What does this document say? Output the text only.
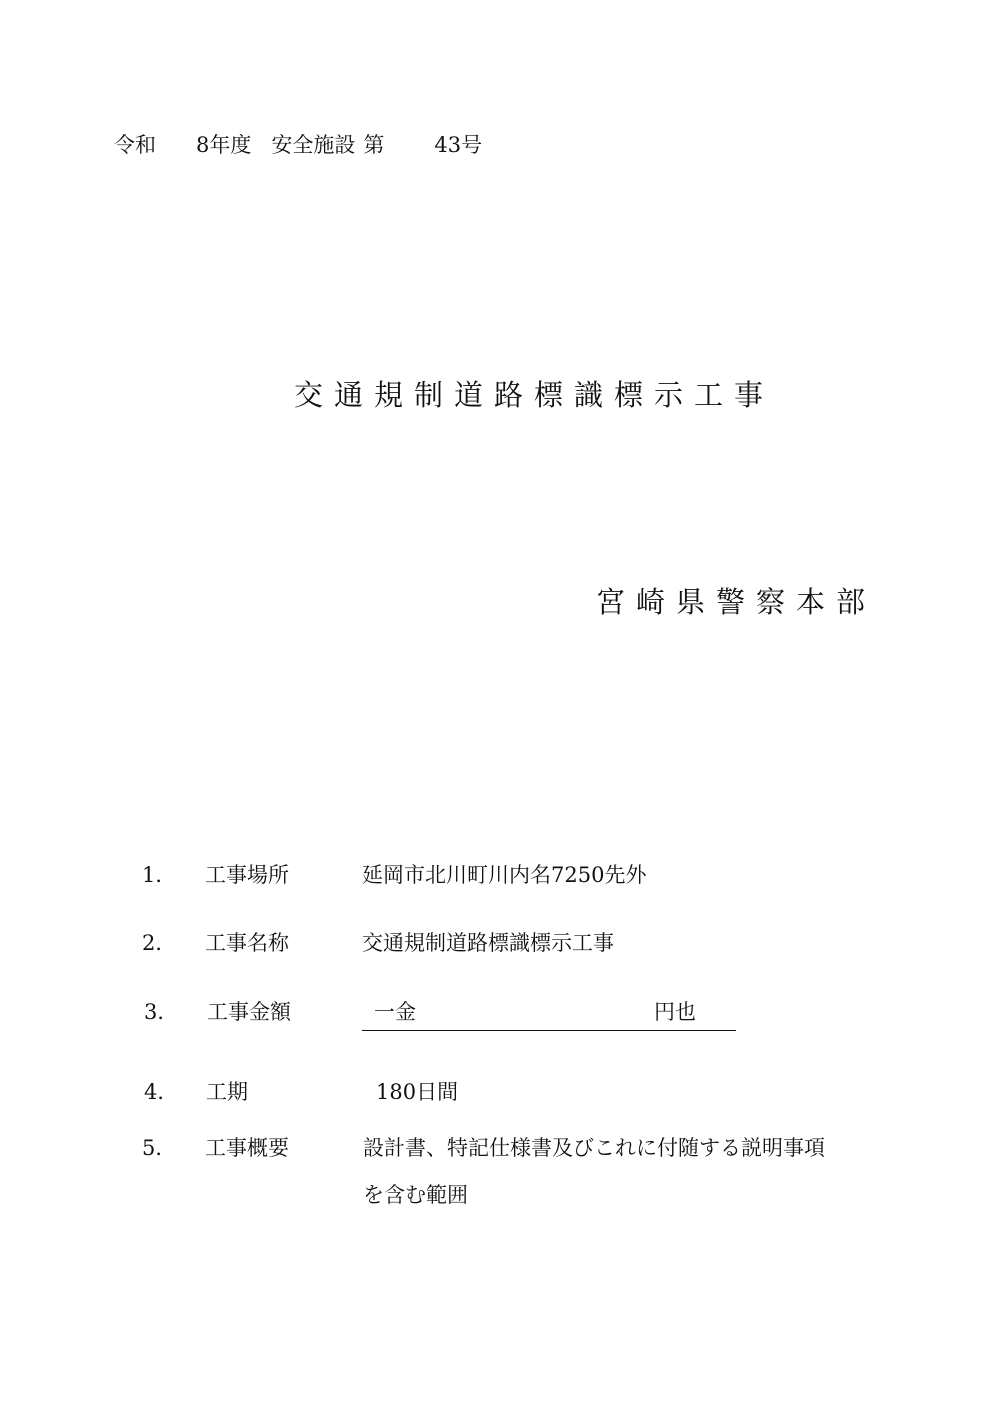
令和 8年度 安全施設 第 43号
交通規制道路標識標示工事
宮崎県警察本部
1． 工事場所	延岡市北川町川内名7250先外
2． 工事名称	交通規制道路標識標示工事
3． 工事金額	一金	円也
4． 工期	180日間
5． 工事概要	設計書、特記仕様書及びこれに付随する説明事項
を含む範囲
